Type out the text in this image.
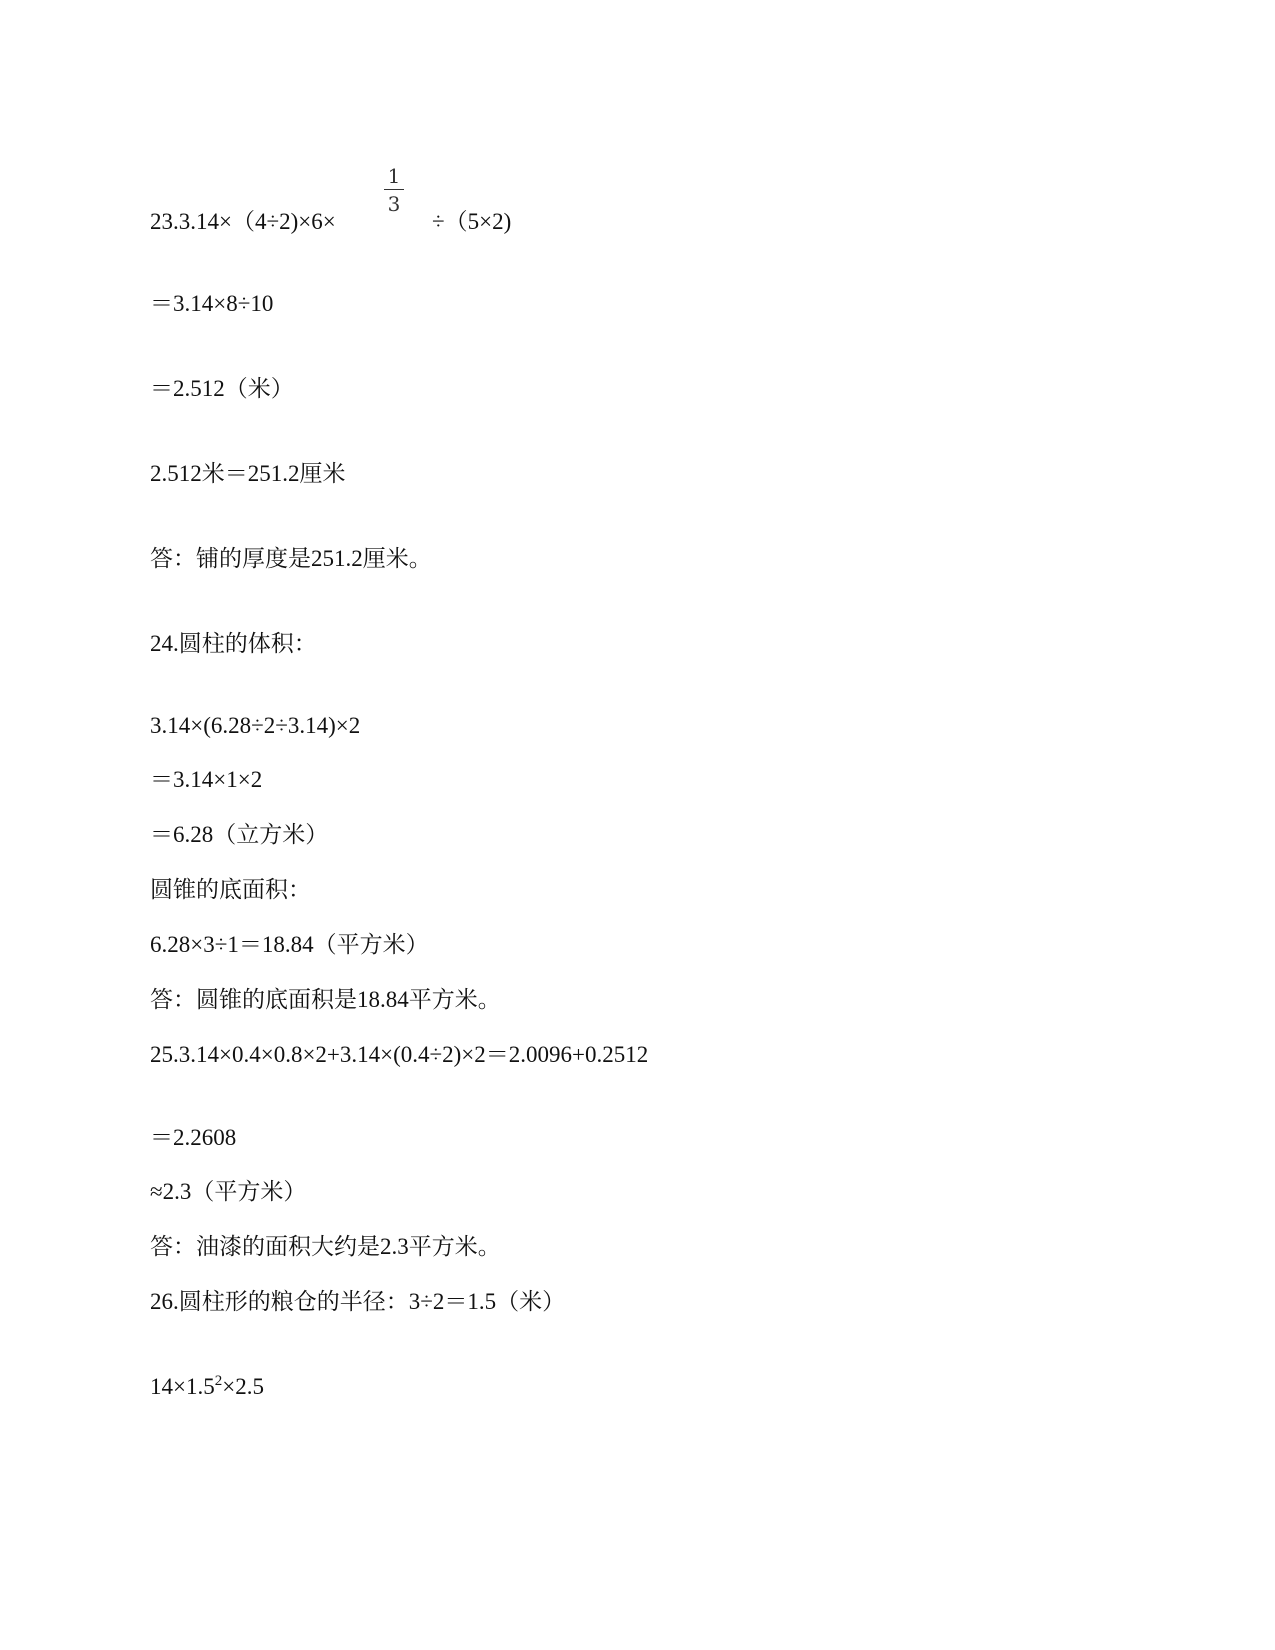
23.3.14×（4÷2)×6×
1
3
÷（5×2)
＝3.14×8÷10
＝2.512（米）
2.512米＝251.2厘米
答：铺的厚度是251.2厘米。
24.圆柱的体积：
3.14×(6.28÷2÷3.14)×2
＝3.14×1×2
＝6.28（立方米）
圆锥的底面积：
6.28×3÷1＝18.84（平方米）
答：圆锥的底面积是18.84平方米。
25.3.14×0.4×0.8×2+3.14×(0.4÷2)×2＝2.0096+0.2512
＝2.2608
≈2.3（平方米）
答：油漆的面积大约是2.3平方米。
26.圆柱形的粮仓的半径：3÷2＝1.5（米）
$14\times 1.5^2\times 2.5$
